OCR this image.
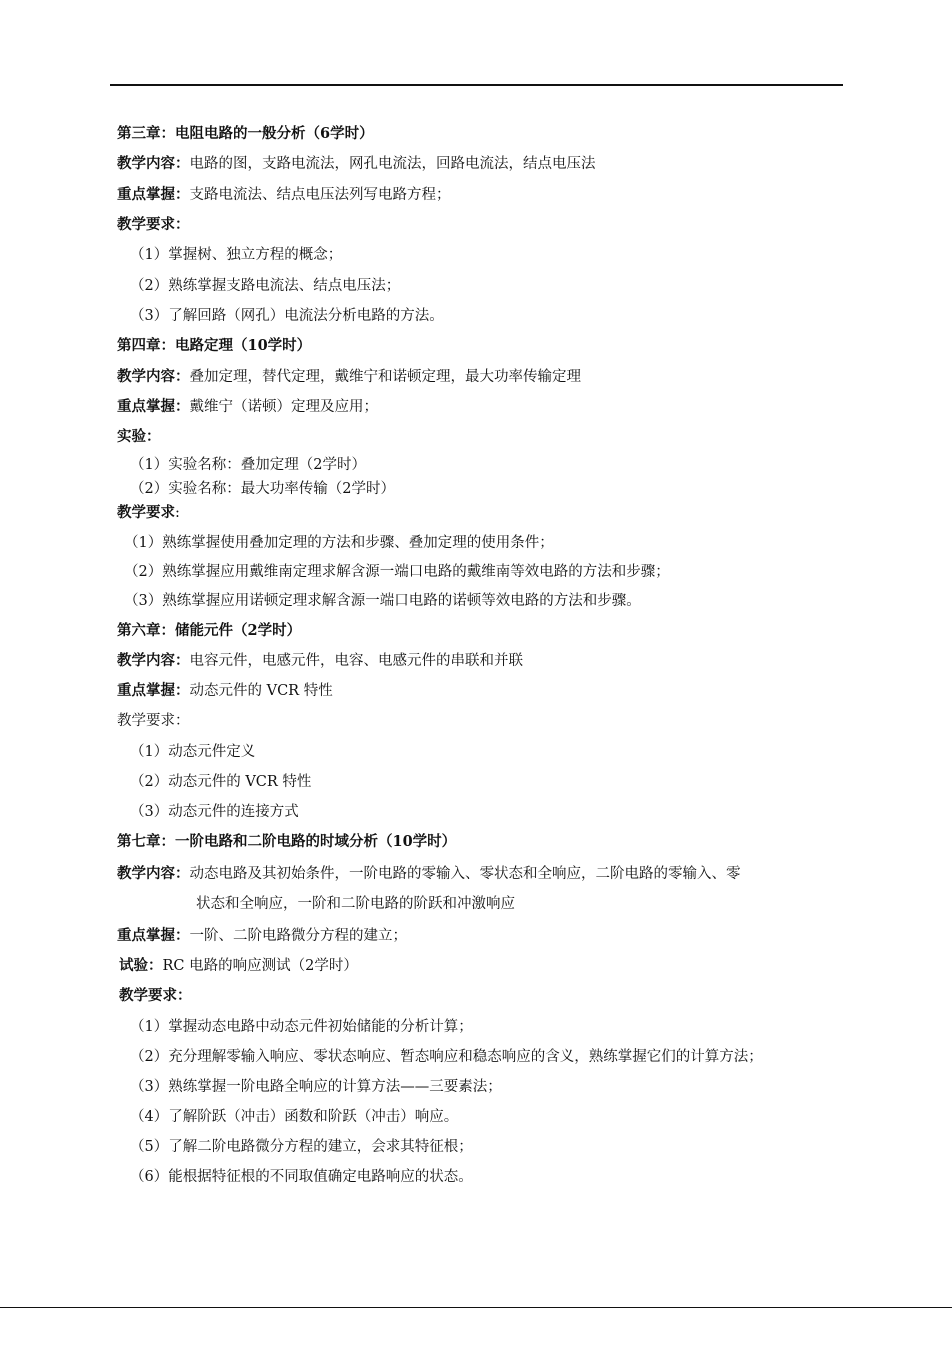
第三章：电阻电路的一般分析（6学时）
教学内容：电路的图，支路电流法，网孔电流法，回路电流法，结点电压法
重点掌握：支路电流法、结点电压法列写电路方程；
教学要求：
（1）掌握树、独立方程的概念；
（2）熟练掌握支路电流法、结点电压法；
（3）了解回路（网孔）电流法分析电路的方法。
第四章：电路定理（10学时）
教学内容：叠加定理，替代定理，戴维宁和诺顿定理，最大功率传输定理
重点掌握：戴维宁（诺顿）定理及应用；
实验：
（1）实验名称：叠加定理（2学时）
（2）实验名称：最大功率传输（2学时）
教学要求:
（1）熟练掌握使用叠加定理的方法和步骤、叠加定理的使用条件；
（2）熟练掌握应用戴维南定理求解含源一端口电路的戴维南等效电路的方法和步骤；
（3）熟练掌握应用诺顿定理求解含源一端口电路的诺顿等效电路的方法和步骤。
第六章：储能元件（2学时）
教学内容：电容元件，电感元件，电容、电感元件的串联和并联
重点掌握：动态元件的 VCR 特性
教学要求：
（1）动态元件定义
（2）动态元件的 VCR 特性
（3）动态元件的连接方式
第七章：一阶电路和二阶电路的时域分析（10学时）
教学内容：动态电路及其初始条件，一阶电路的零输入、零状态和全响应，二阶电路的零输入、零
状态和全响应，一阶和二阶电路的阶跃和冲激响应
重点掌握：一阶、二阶电路微分方程的建立；
试验：RC 电路的响应测试（2学时）
教学要求：
（1）掌握动态电路中动态元件初始储能的分析计算；
（2）充分理解零输入响应、零状态响应、暂态响应和稳态响应的含义，熟练掌握它们的计算方法；
（3）熟练掌握一阶电路全响应的计算方法——三要素法；
（4）了解阶跃（冲击）函数和阶跃（冲击）响应。
（5）了解二阶电路微分方程的建立，会求其特征根；
（6）能根据特征根的不同取值确定电路响应的状态。
